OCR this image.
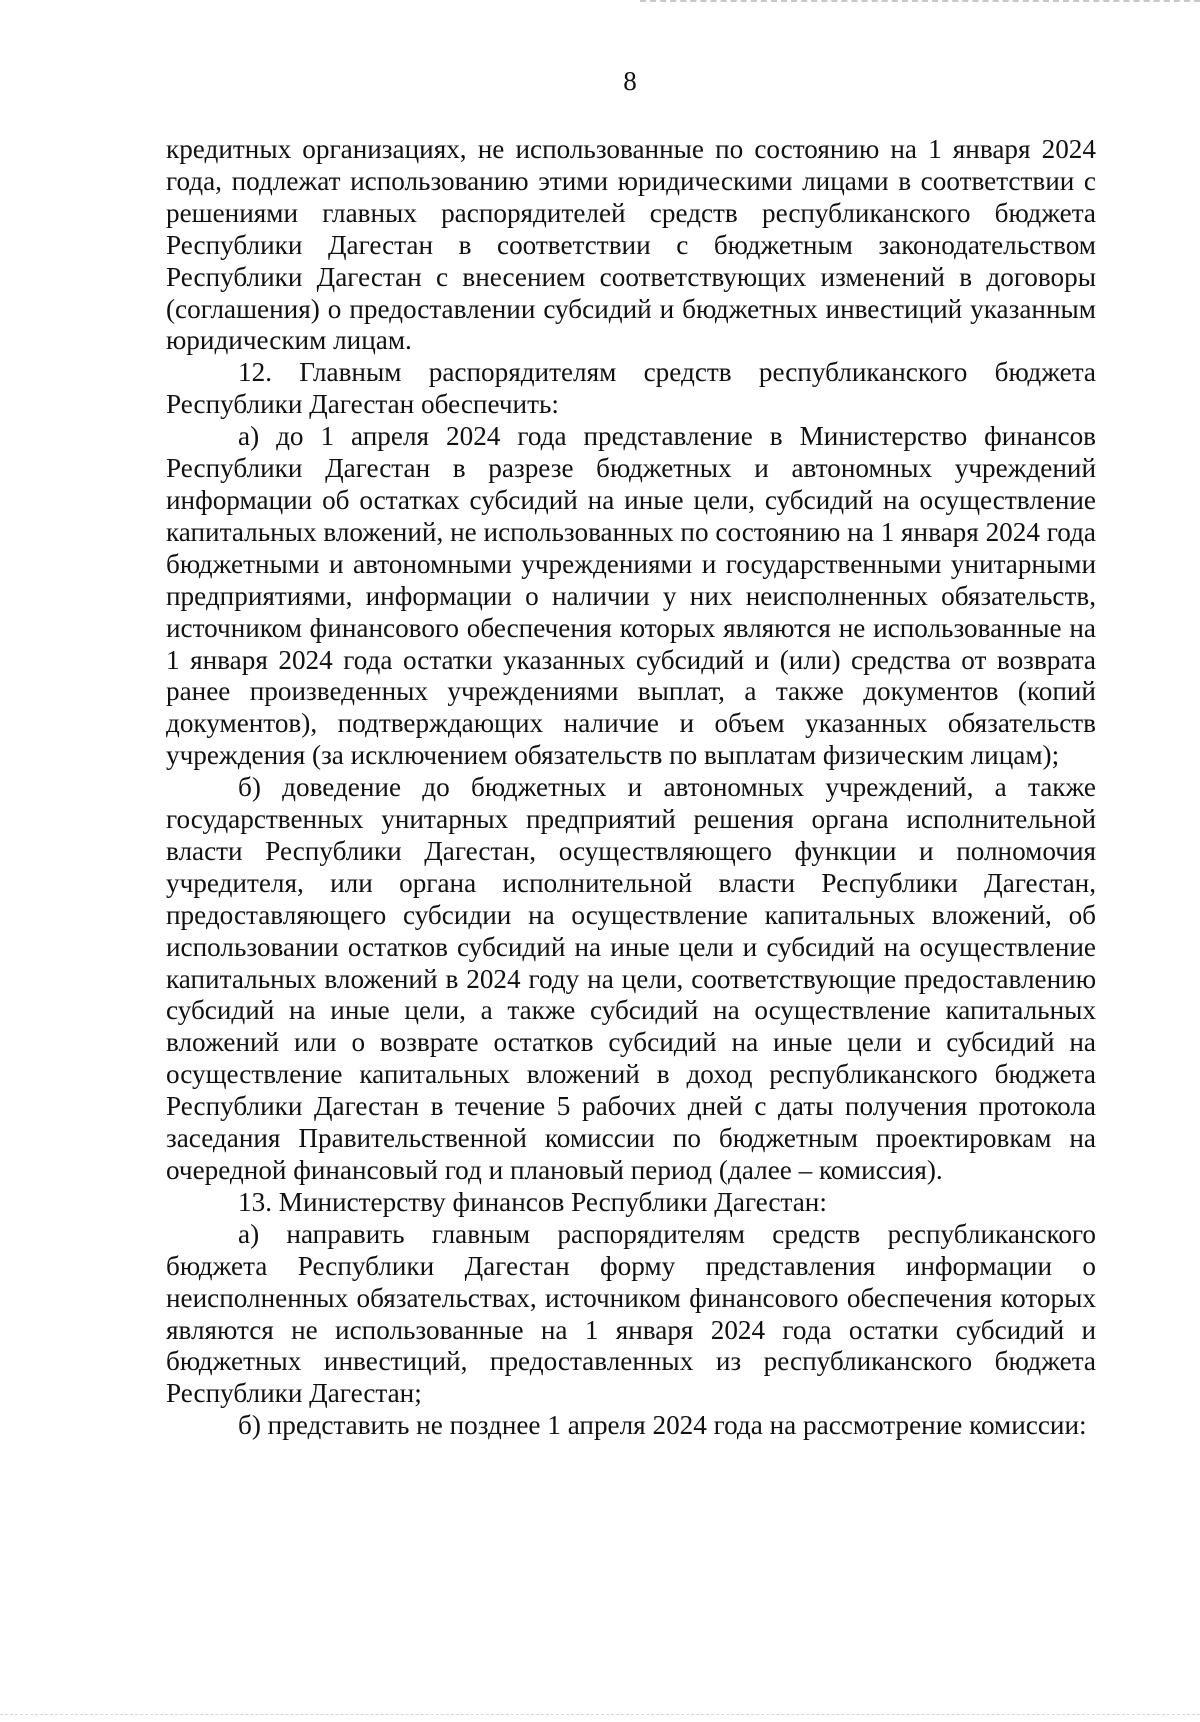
8

кредитных организациях, не использованные по состоянию на 1 января 2024 года, подлежат использованию этими юридическими лицами в соответствии с решениями главных распорядителей средств республиканского бюджета Республики Дагестан в соответствии с бюджетным законодательством Республики Дагестан с внесением соответствующих изменений в договоры (соглашения) о предоставлении субсидий и бюджетных инвестиций указанным юридическим лицам.

12. Главным распорядителям средств республиканского бюджета Республики Дагестан обеспечить:

а) до 1 апреля 2024 года представление в Министерство финансов Республики Дагестан в разрезе бюджетных и автономных учреждений информации об остатках субсидий на иные цели, субсидий на осуществление капитальных вложений, не использованных по состоянию на 1 января 2024 года бюджетными и автономными учреждениями и государственными унитарными предприятиями, информации о наличии у них неисполненных обязательств, источником финансового обеспечения которых являются не использованные на 1 января 2024 года остатки указанных субсидий и (или) средства от возврата ранее произведенных учреждениями выплат, а также документов (копий документов), подтверждающих наличие и объем указанных обязательств учреждения (за исключением обязательств по выплатам физическим лицам);

б) доведение до бюджетных и автономных учреждений, а также государственных унитарных предприятий решения органа исполнительной власти Республики Дагестан, осуществляющего функции и полномочия учредителя, или органа исполнительной власти Республики Дагестан, предоставляющего субсидии на осуществление капитальных вложений, об использовании остатков субсидий на иные цели и субсидий на осуществление капитальных вложений в 2024 году на цели, соответствующие предоставлению субсидий на иные цели, а также субсидий на осуществление капитальных вложений или о возврате остатков субсидий на иные цели и субсидий на осуществление капитальных вложений в доход республиканского бюджета Республики Дагестан в течение 5 рабочих дней с даты получения протокола заседания Правительственной комиссии по бюджетным проектировкам на очередной финансовый год и плановый период (далее – комиссия).

13. Министерству финансов Республики Дагестан:

а) направить главным распорядителям средств республиканского бюджета Республики Дагестан форму представления информации о неисполненных обязательствах, источником финансового обеспечения которых являются не использованные на 1 января 2024 года остатки субсидий и бюджетных инвестиций, предоставленных из республиканского бюджета Республики Дагестан;

б) представить не позднее 1 апреля 2024 года на рассмотрение комиссии:
